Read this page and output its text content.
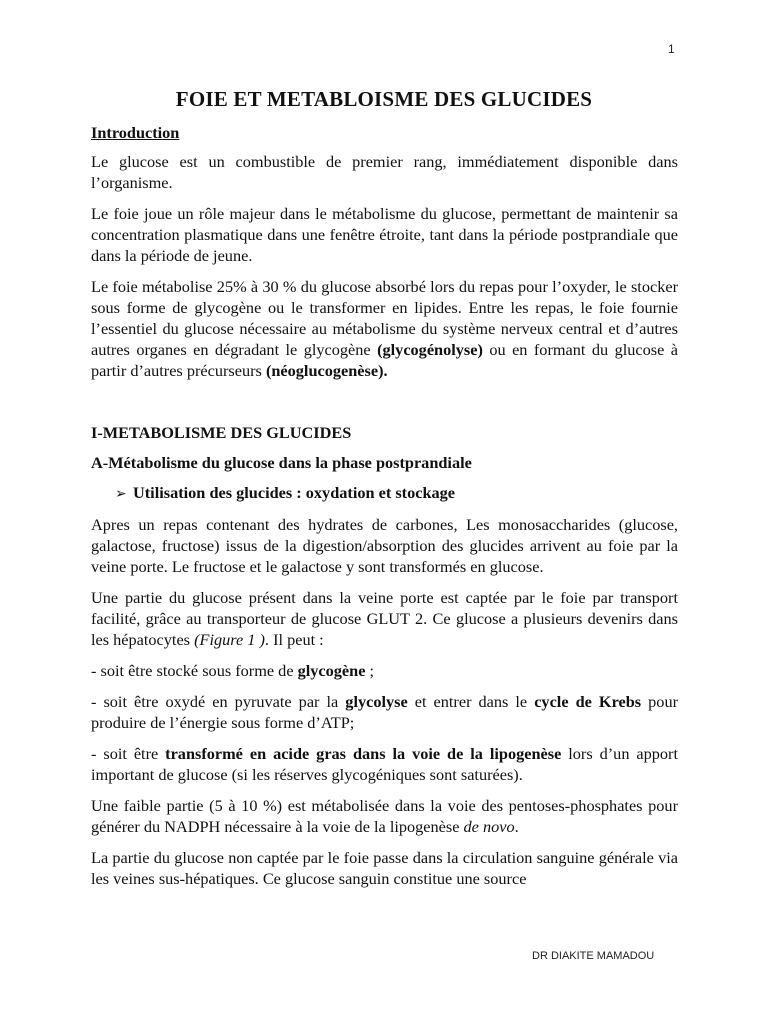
1
FOIE ET METABLOISME DES GLUCIDES

Introduction

Le glucose est un combustible de premier rang, immédiatement disponible dans l’organisme.

Le foie joue un rôle majeur dans le métabolisme du glucose, permettant de maintenir sa concentration plasmatique dans une fenêtre étroite, tant dans la période postprandiale que dans la période de jeune.

Le foie métabolise 25% à 30 % du glucose absorbé lors du repas pour l’oxyder, le stocker sous forme de glycogène ou le transformer en lipides. Entre les repas, le foie fournie l’essentiel du glucose nécessaire au métabolisme du système nerveux central et d’autres autres organes en dégradant le glycogène (glycogénolyse) ou en formant du glucose à partir d’autres précurseurs (néoglucogenèse).

I-METABOLISME DES GLUCIDES

A-Métabolisme du glucose dans la phase postprandiale

➢ Utilisation des glucides : oxydation et stockage

Apres un repas contenant des hydrates de carbones, Les monosaccharides (glucose, galactose, fructose) issus de la digestion/absorption des glucides arrivent au foie par la veine porte. Le fructose et le galactose y sont transformés en glucose.

Une partie du glucose présent dans la veine porte est captée par le foie par transport facilité, grâce au transporteur de glucose GLUT 2. Ce glucose a plusieurs devenirs dans les hépatocytes (Figure 1 ). Il peut :

- soit être stocké sous forme de glycogène ;

- soit être oxydé en pyruvate par la glycolyse et entrer dans le cycle de Krebs pour produire de l’énergie sous forme d’ATP;

- soit être transformé en acide gras dans la voie de la lipogenèse lors d’un apport important de glucose (si les réserves glycogéniques sont saturées).

Une faible partie (5 à 10 %) est métabolisée dans la voie des pentoses-phosphates pour générer du NADPH nécessaire à la voie de la lipogenèse de novo.

La partie du glucose non captée par le foie passe dans la circulation sanguine générale via les veines sus-hépatiques. Ce glucose sanguin constitue une source

DR DIAKITE MAMADOU
